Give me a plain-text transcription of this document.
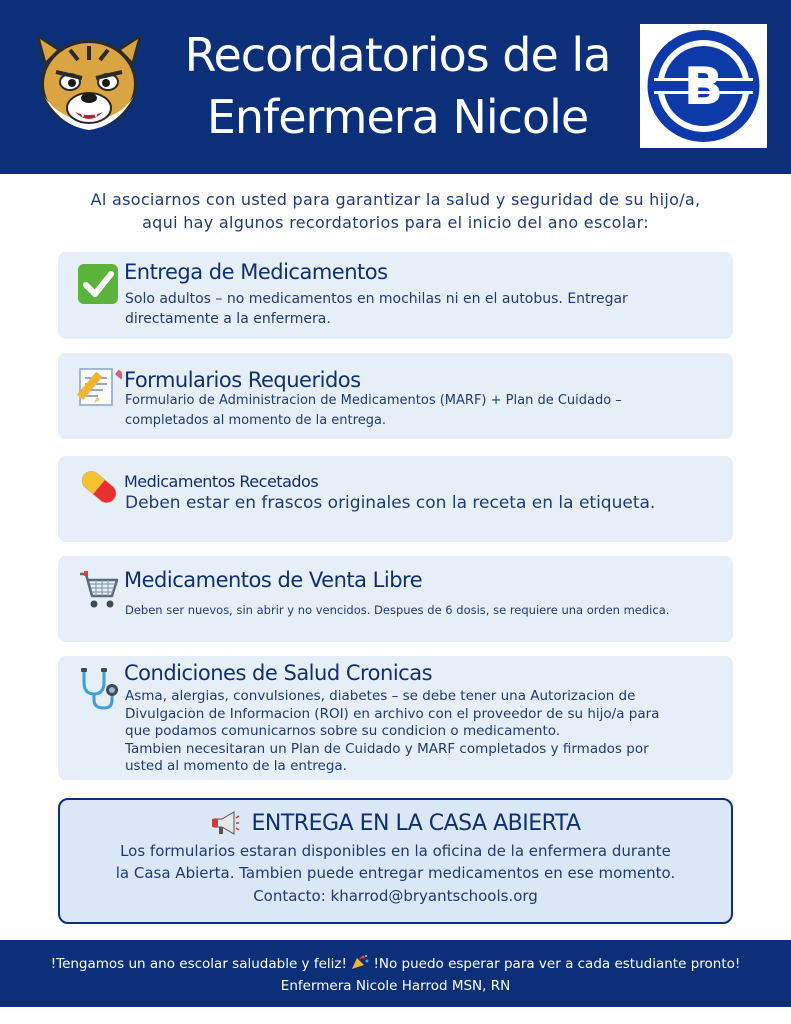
Recordatorios de la
Enfermera Nicole	B
Al asociarnos con usted para garantizar la salud y seguridad de su hijo/a,
aqui hay algunos recordatorios para el inicio del ano escolar:
Entrega de Medicamentos

Solo adultos – no medicamentos en mochilas ni en el autobus. Entregar
directamente a la enfermera.

Formularios Requeridos

Formulario de Administracion de Medicamentos (MARF) + Plan de Cuidado –
completados al momento de la entrega.

Medicamentos Recetados

Deben estar en frascos originales con la receta en la etiqueta.

Medicamentos de Venta Libre

Deben ser nuevos, sin abrir y no vencidos. Despues de 6 dosis, se requiere una orden medica.

Condiciones de Salud Cronicas

Asma, alergias, convulsiones, diabetes – se debe tener una Autorizacion de
Divulgacion de Informacion (ROI) en archivo con el proveedor de su hijo/a para
que podamos comunicarnos sobre su condicion o medicamento.
Tambien necesitaran un Plan de Cuidado y MARF completados y firmados por
usted al momento de la entrega.

ENTREGA EN LA CASA ABIERTA
Los formularios estaran disponibles en la oficina de la enfermera durante
la Casa Abierta. Tambien puede entregar medicamentos en ese momento.
Contacto: kharrod@bryantschools.org
!Tengamos un ano escolar saludable y feliz! !No puedo esperar para ver a cada estudiante pronto!
Enfermera Nicole Harrod MSN, RN
